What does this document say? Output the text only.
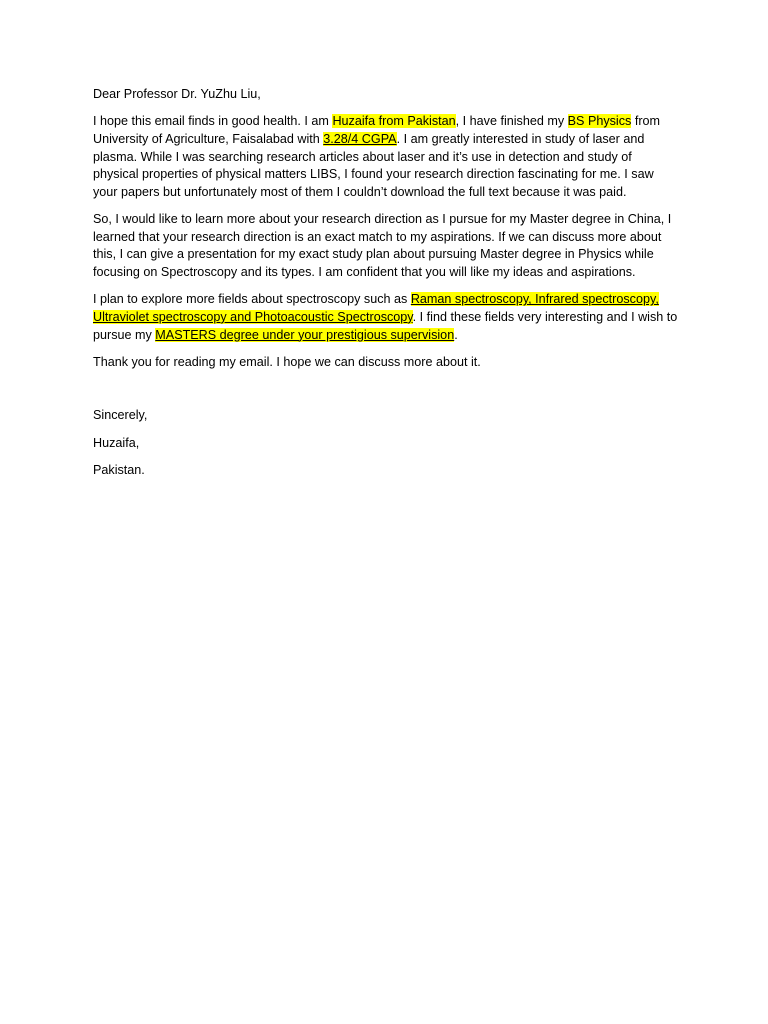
Dear Professor Dr. YuZhu Liu,

I hope this email finds in good health. I am Huzaifa from Pakistan, I have finished my BS Physics from University of Agriculture, Faisalabad with 3.28/4 CGPA. I am greatly interested in study of laser and plasma. While I was searching research articles about laser and it’s use in detection and study of physical properties of physical matters LIBS, I found your research direction fascinating for me. I saw your papers but unfortunately most of them I couldn’t download the full text because it was paid.

So, I would like to learn more about your research direction as I pursue for my Master degree in China, I learned that your research direction is an exact match to my aspirations. If we can discuss more about this, I can give a presentation for my exact study plan about pursuing Master degree in Physics while focusing on Spectroscopy and its types. I am confident that you will like my ideas and aspirations.

I plan to explore more fields about spectroscopy such as Raman spectroscopy, Infrared spectroscopy, Ultraviolet spectroscopy and Photoacoustic Spectroscopy. I find these fields very interesting and I wish to pursue my MASTERS degree under your prestigious supervision.

Thank you for reading my email. I hope we can discuss more about it.

Sincerely,

Huzaifa,

Pakistan.
